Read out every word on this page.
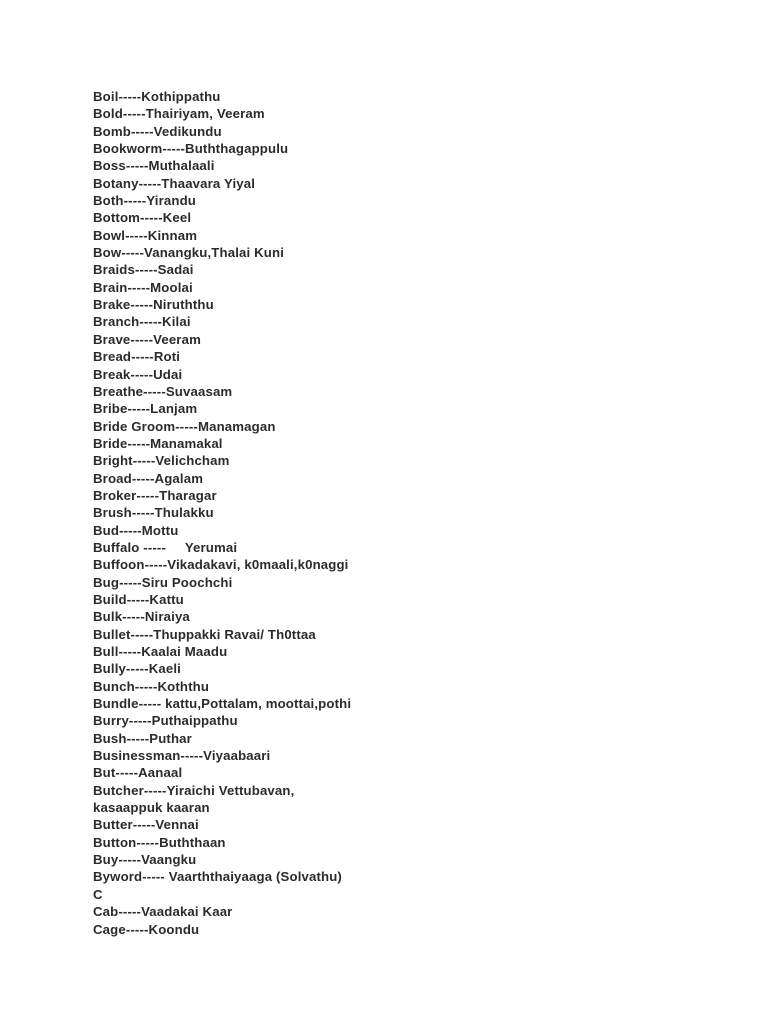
Boil-----Kothippathu
Bold-----Thairiyam, Veeram
Bomb-----Vedikundu
Bookworm-----Buththagappulu
Boss-----Muthalaali
Botany-----Thaavara Yiyal
Both-----Yirandu
Bottom-----Keel
Bowl-----Kinnam
Bow-----Vanangku,Thalai Kuni
Braids-----Sadai
Brain-----Moolai
Brake-----Niruththu
Branch-----Kilai
Brave-----Veeram
Bread-----Roti
Break-----Udai
Breathe-----Suvaasam
Bribe-----Lanjam
Bride Groom-----Manamagan
Bride-----Manamakal
Bright-----Velichcham
Broad-----Agalam
Broker-----Tharagar
Brush-----Thulakku
Bud-----Mottu
Buffalo -----     Yerumai
Buffoon-----Vikadakavi, k0maali,k0naggi
Bug-----Siru Poochchi
Build-----Kattu
Bulk-----Niraiya
Bullet-----Thuppakki Ravai/ Th0ttaa
Bull-----Kaalai Maadu
Bully-----Kaeli
Bunch-----Koththu
Bundle----- kattu,Pottalam, moottai,pothi
Burry-----Puthaippathu
Bush-----Puthar
Businessman-----Viyaabaari
But-----Aanaal
Butcher-----Yiraichi Vettubavan,
kasaappuk kaaran
Butter-----Vennai
Button-----Buththaan
Buy-----Vaangku
Byword----- Vaarththaiyaaga (Solvathu)
C
Cab-----Vaadakai Kaar
Cage-----Koondu
